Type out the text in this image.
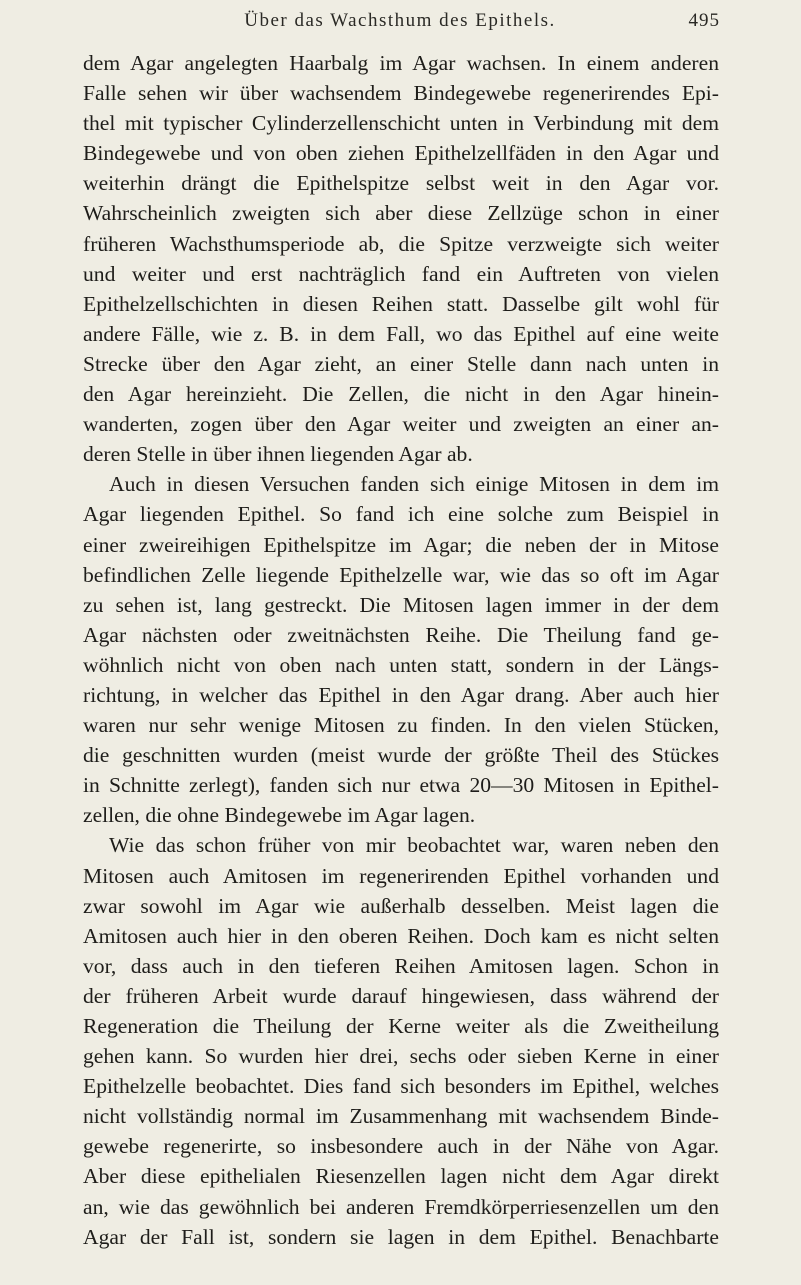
Über das Wachsthum des Epithels.	495
dem Agar angelegten Haarbalg im Agar wachsen. In einem anderen
Falle sehen wir über wachsendem Bindegewebe regenerirendes Epi-
thel mit typischer Cylinderzellenschicht unten in Verbindung mit dem
Bindegewebe und von oben ziehen Epithelzellfäden in den Agar und
weiterhin drängt die Epithelspitze selbst weit in den Agar vor.
Wahrscheinlich zweigten sich aber diese Zellzüge schon in einer
früheren Wachsthumsperiode ab, die Spitze verzweigte sich weiter
und weiter und erst nachträglich fand ein Auftreten von vielen
Epithelzellschichten in diesen Reihen statt. Dasselbe gilt wohl für
andere Fälle, wie z. B. in dem Fall, wo das Epithel auf eine weite
Strecke über den Agar zieht, an einer Stelle dann nach unten in
den Agar hereinzieht. Die Zellen, die nicht in den Agar hinein-
wanderten, zogen über den Agar weiter und zweigten an einer an-
deren Stelle in über ihnen liegenden Agar ab.
Auch in diesen Versuchen fanden sich einige Mitosen in dem im
Agar liegenden Epithel. So fand ich eine solche zum Beispiel in
einer zweireihigen Epithelspitze im Agar; die neben der in Mitose
befindlichen Zelle liegende Epithelzelle war, wie das so oft im Agar
zu sehen ist, lang gestreckt. Die Mitosen lagen immer in der dem
Agar nächsten oder zweitnächsten Reihe. Die Theilung fand ge-
wöhnlich nicht von oben nach unten statt, sondern in der Längs-
richtung, in welcher das Epithel in den Agar drang. Aber auch hier
waren nur sehr wenige Mitosen zu finden. In den vielen Stücken,
die geschnitten wurden (meist wurde der größte Theil des Stückes
in Schnitte zerlegt), fanden sich nur etwa 20—30 Mitosen in Epithel-
zellen, die ohne Bindegewebe im Agar lagen.
Wie das schon früher von mir beobachtet war, waren neben den
Mitosen auch Amitosen im regenerirenden Epithel vorhanden und
zwar sowohl im Agar wie außerhalb desselben. Meist lagen die
Amitosen auch hier in den oberen Reihen. Doch kam es nicht selten
vor, dass auch in den tieferen Reihen Amitosen lagen. Schon in
der früheren Arbeit wurde darauf hingewiesen, dass während der
Regeneration die Theilung der Kerne weiter als die Zweitheilung
gehen kann. So wurden hier drei, sechs oder sieben Kerne in einer
Epithelzelle beobachtet. Dies fand sich besonders im Epithel, welches
nicht vollständig normal im Zusammenhang mit wachsendem Binde-
gewebe regenerirte, so insbesondere auch in der Nähe von Agar.
Aber diese epithelialen Riesenzellen lagen nicht dem Agar direkt
an, wie das gewöhnlich bei anderen Fremdkörperriesenzellen um den
Agar der Fall ist, sondern sie lagen in dem Epithel. Benachbarte
